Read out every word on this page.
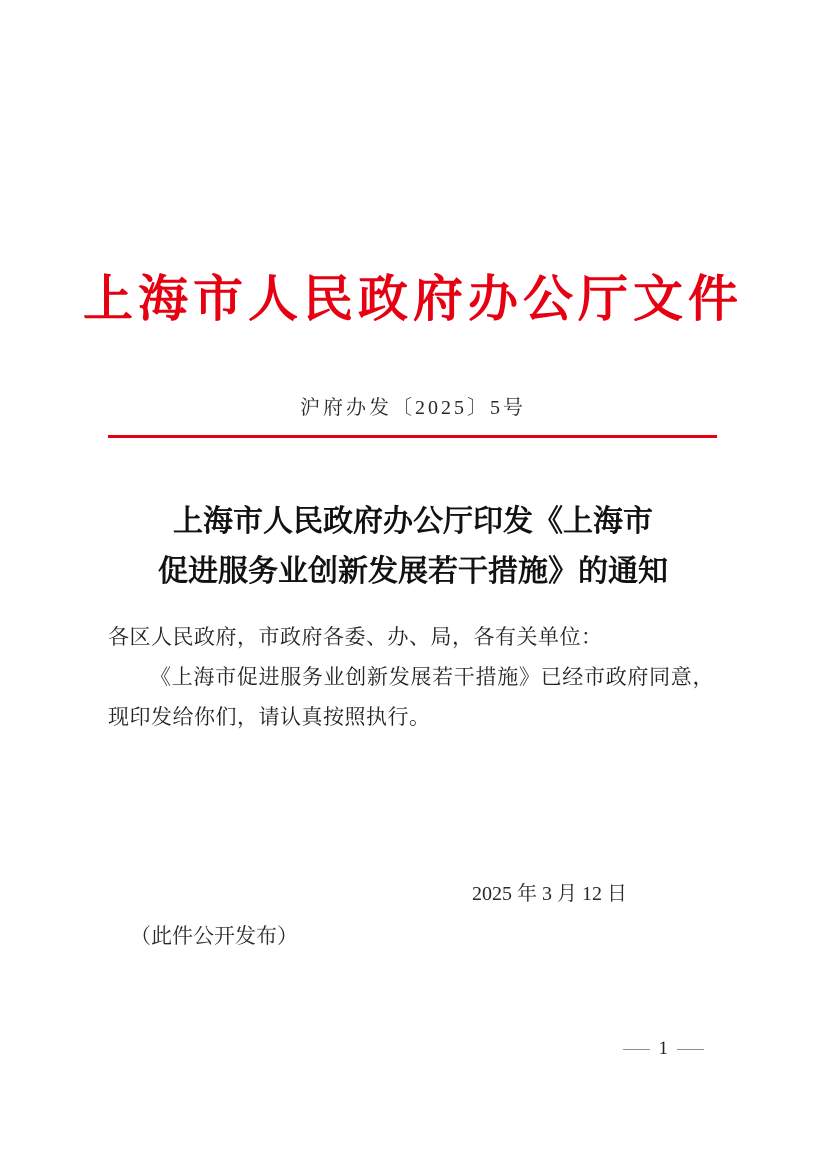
上海市人民政府办公厅文件
沪府办发〔2025〕5号
上海市人民政府办公厅印发《上海市
促进服务业创新发展若干措施》的通知

各区人民政府，市政府各委、办、局，各有关单位：

《上海市促进服务业创新发展若干措施》已经市政府同意，现印发给你们，请认真按照执行。

2025 年 3 月 12 日
（此件公开发布）
— 1 —
